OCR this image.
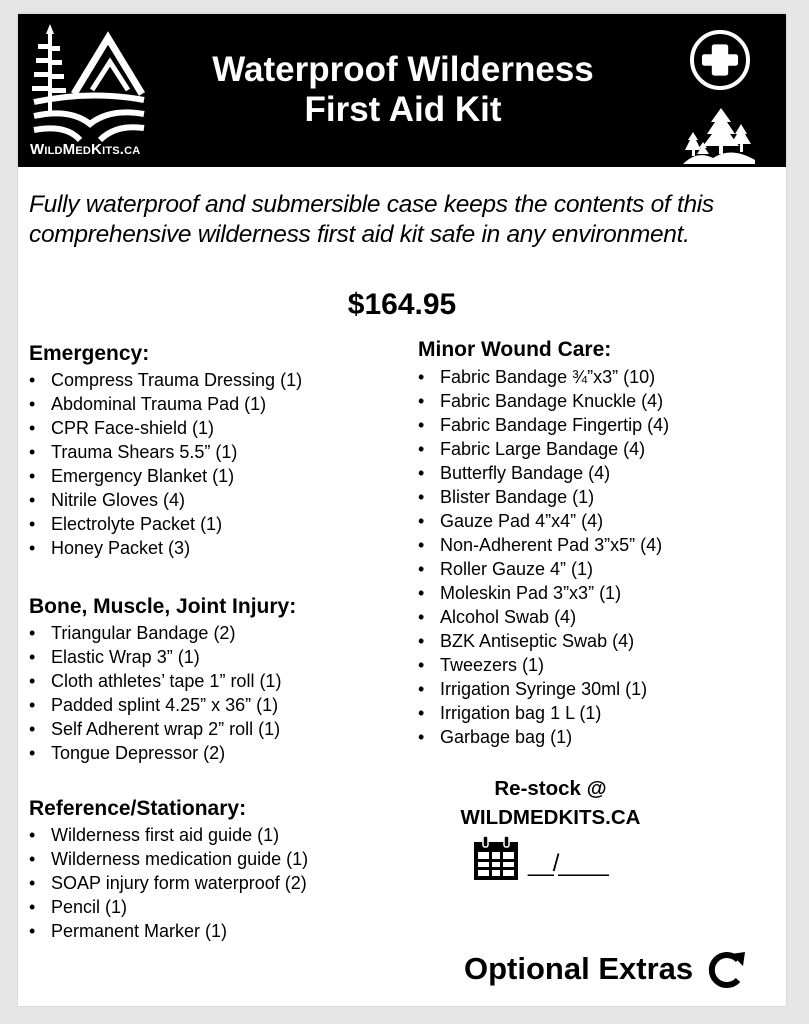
WildMedKits.ca
Waterproof Wilderness
First Aid Kit
Fully waterproof and submersible case keeps the contents of this comprehensive wilderness first aid kit safe in any environment.
$164.95
Emergency:
• Compress Trauma Dressing (1)
• Abdominal Trauma Pad (1)
• CPR Face-shield (1)
• Trauma Shears 5.5” (1)
• Emergency Blanket (1)
• Nitrile Gloves (4)
• Electrolyte Packet (1)
• Honey Packet (3)
Bone, Muscle, Joint Injury:
• Triangular Bandage (2)
• Elastic Wrap 3” (1)
• Cloth athletes’ tape 1” roll (1)
• Padded splint 4.25” x 36” (1)
• Self Adherent wrap 2” roll (1)
• Tongue Depressor (2)
Reference/Stationary:
• Wilderness first aid guide (1)
• Wilderness medication guide (1)
• SOAP injury form waterproof (2)
• Pencil (1)
• Permanent Marker (1)
Minor Wound Care:
• Fabric Bandage ¾”x3” (10)
• Fabric Bandage Knuckle (4)
• Fabric Bandage Fingertip (4)
• Fabric Large Bandage (4)
• Butterfly Bandage (4)
• Blister Bandage (1)
• Gauze Pad 4”x4” (4)
• Non-Adherent Pad 3”x5” (4)
• Roller Gauze 4” (1)
• Moleskin Pad 3”x3” (1)
• Alcohol Swab (4)
• BZK Antiseptic Swab (4)
• Tweezers (1)
• Irrigation Syringe 30ml (1)
• Irrigation bag 1 L (1)
• Garbage bag (1)
Re-stock @
WILDMEDKITS.CA
__/____
Optional Extras
